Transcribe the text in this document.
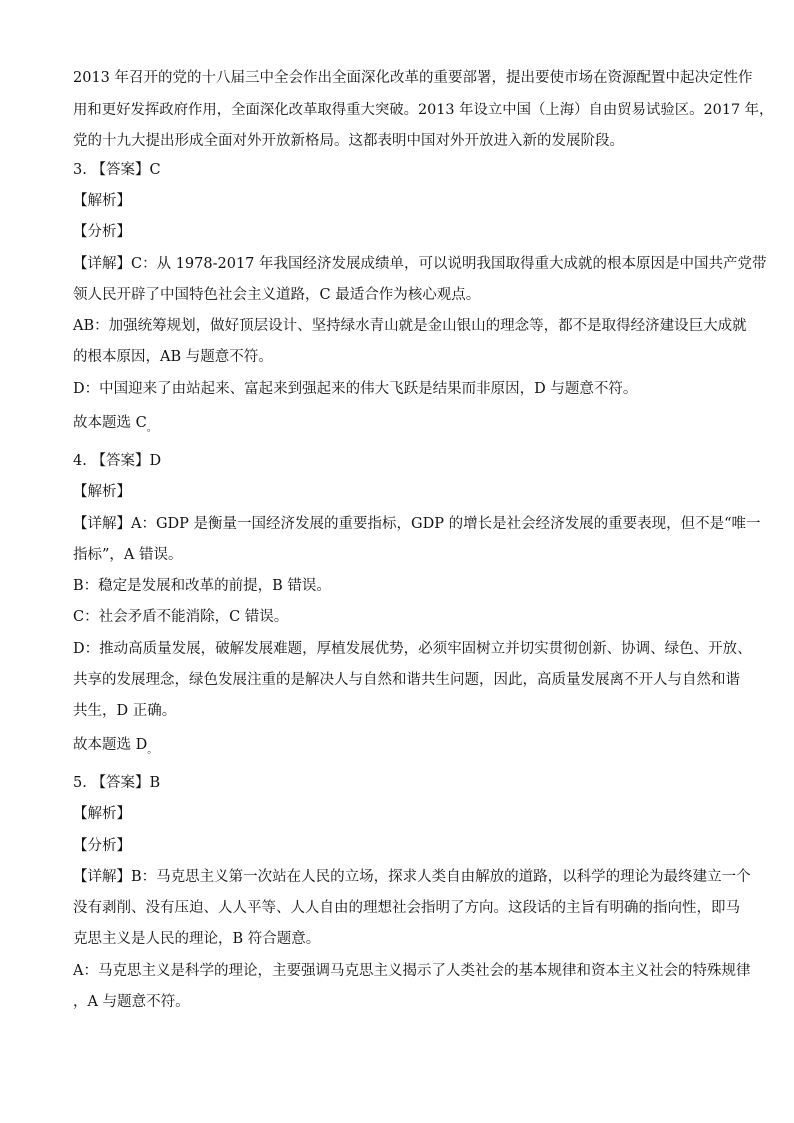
2013 年召开的党的十八届三中全会作出全面深化改革的重要部署，提出要使市场在资源配置中起决定性作

用和更好发挥政府作用，全面深化改革取得重大突破。2013 年设立中国（上海）自由贸易试验区。2017 年，

党的十九大提出形成全面对外开放新格局。这都表明中国对外开放进入新的发展阶段。

3. 【答案】C

【解析】

【分析】

【详解】C：从 1978-2017 年我国经济发展成绩单，可以说明我国取得重大成就的根本原因是中国共产党带

领人民开辟了中国特色社会主义道路，C 最适合作为核心观点。

AB：加强统筹规划，做好顶层设计、坚持绿水青山就是金山银山的理念等，都不是取得经济建设巨大成就

的根本原因，AB 与题意不符。

D：中国迎来了由站起来、富起来到强起来的伟大飞跃是结果而非原因，D 与题意不符。

故本题选 $C_。$

4. 【答案】D

【解析】

【详解】A：GDP 是衡量一国经济发展的重要指标，GDP 的增长是社会经济发展的重要表现，但不是“唯一

指标”，A 错误。

B：稳定是发展和改革的前提，B 错误。

C：社会矛盾不能消除，C 错误。

D：推动高质量发展，破解发展难题，厚植发展优势，必须牢固树立并切实贯彻创新、协调、绿色、开放、

共享的发展理念，绿色发展注重的是解决人与自然和谐共生问题，因此，高质量发展离不开人与自然和谐

共生，D 正确。

故本题选 $D_。$

5. 【答案】B

【解析】

【分析】

【详解】B：马克思主义第一次站在人民的立场，探求人类自由解放的道路，以科学的理论为最终建立一个

没有剥削、没有压迫、人人平等、人人自由的理想社会指明了方向。这段话的主旨有明确的指向性，即马

克思主义是人民的理论，B 符合题意。

A：马克思主义是科学的理论，主要强调马克思主义揭示了人类社会的基本规律和资本主义社会的特殊规律

，A 与题意不符。
